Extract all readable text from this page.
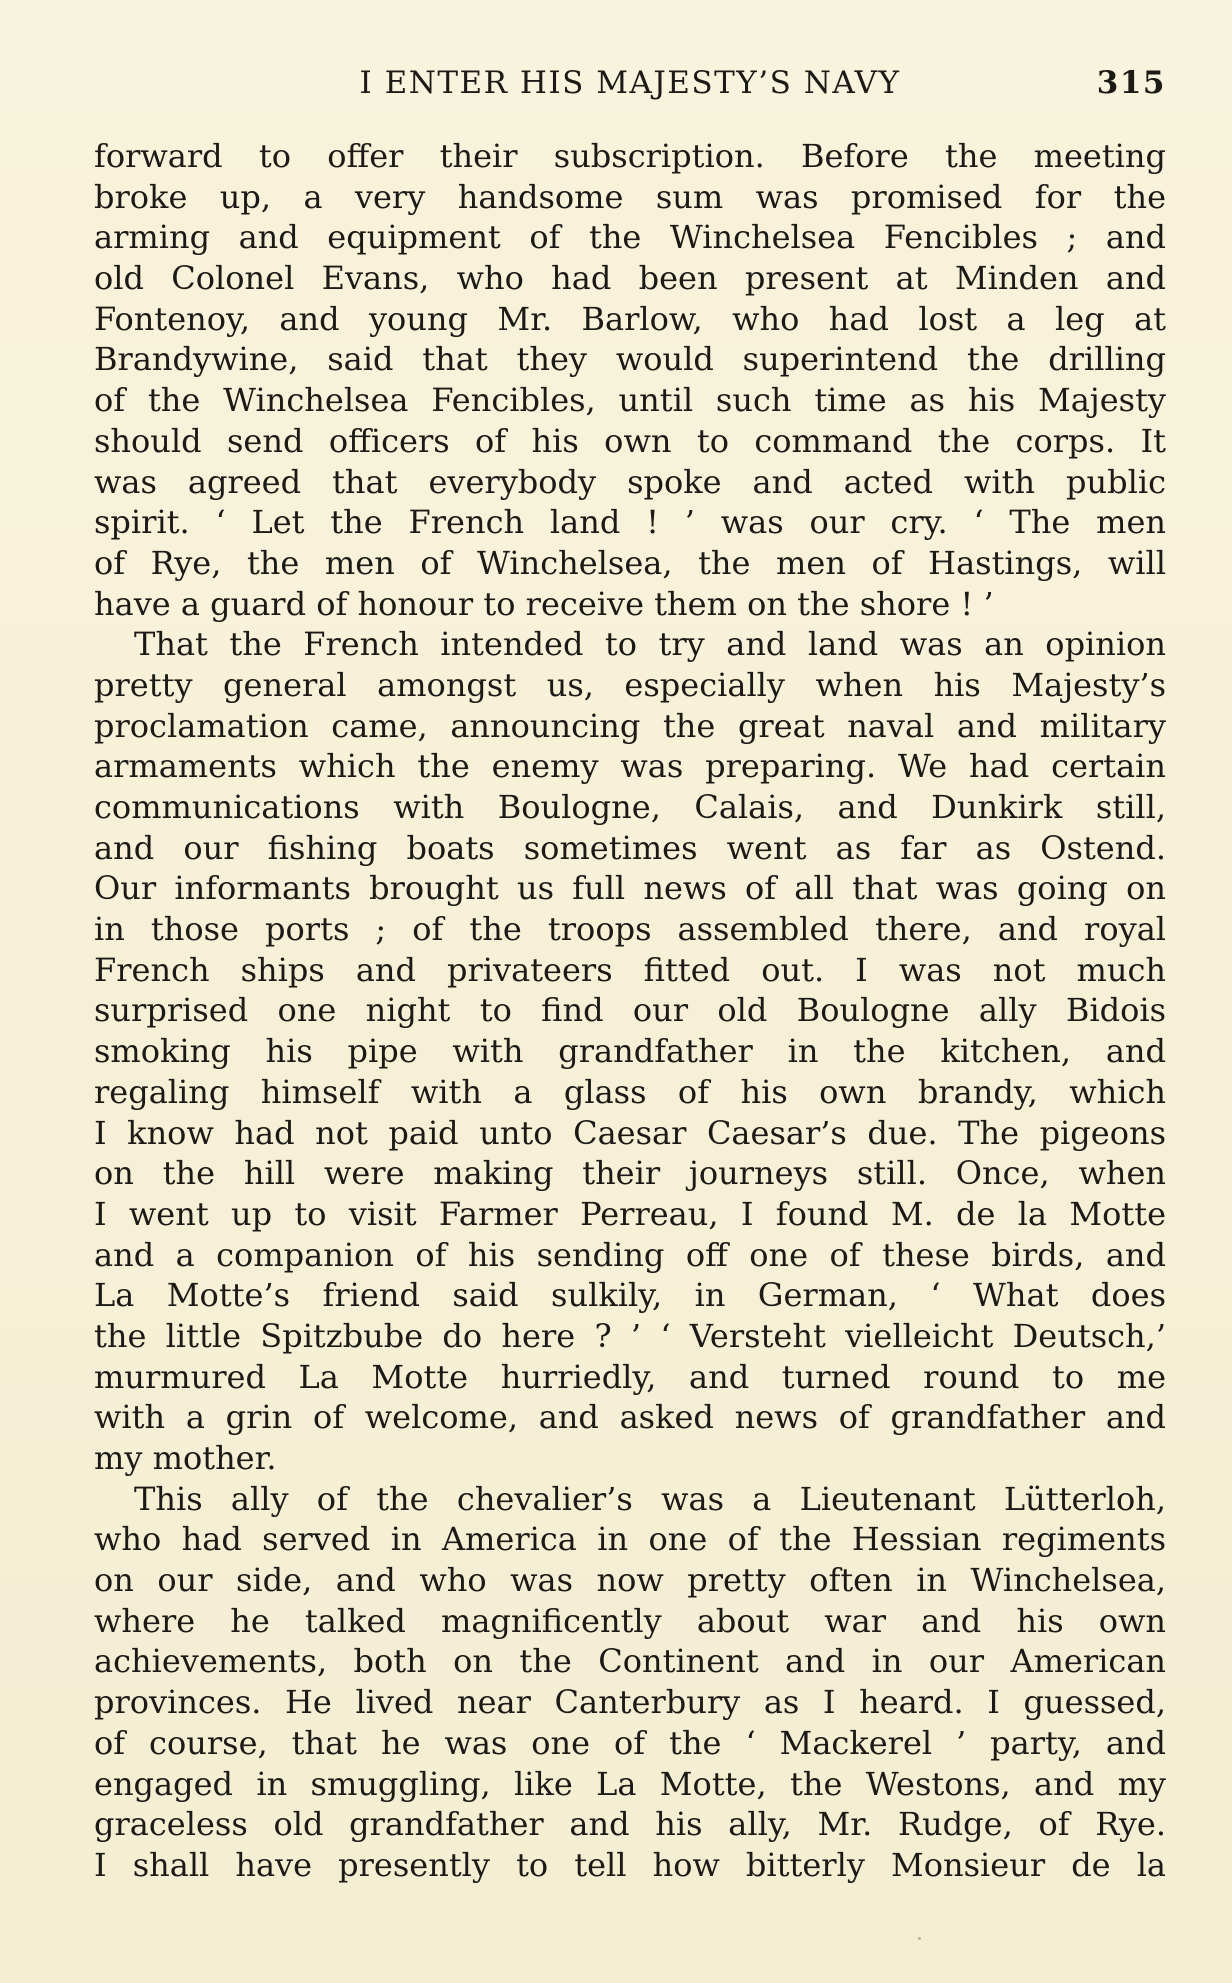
I ENTER HIS MAJESTY’S NAVY	315
forward to offer their subscription. Before the meeting
broke up, a very handsome sum was promised for the
arming and equipment of the Winchelsea Fencibles ; and
old Colonel Evans, who had been present at Minden and
Fontenoy, and young Mr. Barlow, who had lost a leg at
Brandywine, said that they would superintend the drilling
of the Winchelsea Fencibles, until such time as his Majesty
should send officers of his own to command the corps. It
was agreed that everybody spoke and acted with public
spirit. ‘ Let the French land ! ’ was our cry. ‘ The men
of Rye, the men of Winchelsea, the men of Hastings, will
have a guard of honour to receive them on the shore ! ’
That the French intended to try and land was an opinion
pretty general amongst us, especially when his Majesty’s
proclamation came, announcing the great naval and military
armaments which the enemy was preparing. We had certain
communications with Boulogne, Calais, and Dunkirk still,
and our fishing boats sometimes went as far as Ostend.
Our informants brought us full news of all that was going on
in those ports ; of the troops assembled there, and royal
French ships and privateers fitted out. I was not much
surprised one night to find our old Boulogne ally Bidois
smoking his pipe with grandfather in the kitchen, and
regaling himself with a glass of his own brandy, which
I know had not paid unto Caesar Caesar’s due. The pigeons
on the hill were making their journeys still. Once, when
I went up to visit Farmer Perreau, I found M. de la Motte
and a companion of his sending off one of these birds, and
La Motte’s friend said sulkily, in German, ‘ What does
the little Spitzbube do here ? ’ ‘ Versteht vielleicht Deutsch,’
murmured La Motte hurriedly, and turned round to me
with a grin of welcome, and asked news of grandfather and
my mother.
This ally of the chevalier’s was a Lieutenant Lütterloh,
who had served in America in one of the Hessian regiments
on our side, and who was now pretty often in Winchelsea,
where he talked magnificently about war and his own
achievements, both on the Continent and in our American
provinces. He lived near Canterbury as I heard. I guessed,
of course, that he was one of the ‘ Mackerel ’ party, and
engaged in smuggling, like La Motte, the Westons, and my
graceless old grandfather and his ally, Mr. Rudge, of Rye.
I shall have presently to tell how bitterly Monsieur de la
